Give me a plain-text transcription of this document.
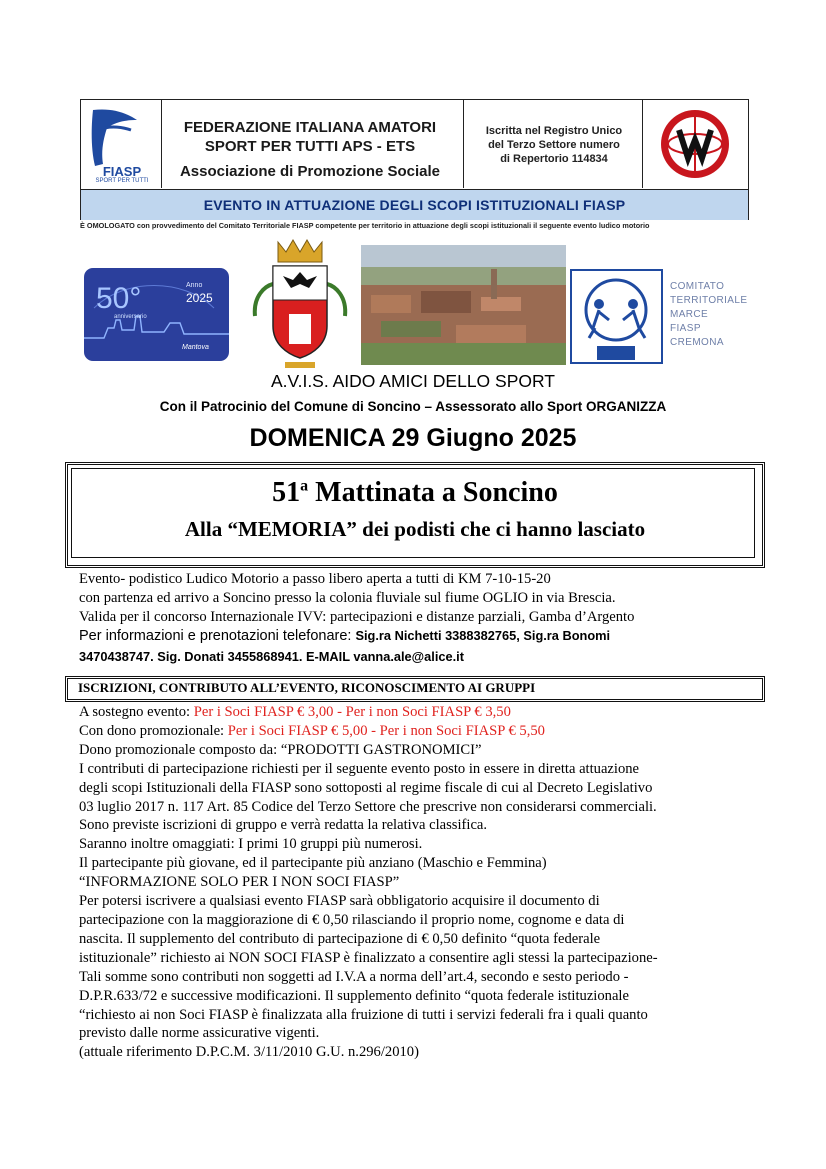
FIASP
SPORT PER TUTTI
FEDERAZIONE ITALIANA AMATORI
SPORT PER TUTTI APS - ETS
Associazione di Promozione Sociale
Iscritta nel Registro Unico
del Terzo Settore numero
di Repertorio 114834
EVENTO IN ATTUAZIONE DEGLI SCOPI ISTITUZIONALI FIASP
È OMOLOGATO con provvedimento del Comitato Territoriale FIASP competente per territorio in attuazione degli scopi istituzionali il seguente evento ludico motorio
50°
anniversario
Anno
2025
Mantova
COMITATO
TERRITORIALE
MARCE
FIASP
CREMONA
A.V.I.S. AIDO AMICI DELLO SPORT
Con il Patrocinio del Comune di Soncino – Assessorato allo Sport ORGANIZZA
DOMENICA 29 Giugno 2025
51$^a$ Mattinata a Soncino
Alla “MEMORIA” dei podisti che ci hanno lasciato
Evento- podistico Ludico Motorio a passo libero aperta a tutti di KM 7-10-15-20
con partenza ed arrivo a Soncino presso la colonia fluviale sul fiume OGLIO in via Brescia.
Valida per il concorso Internazionale IVV: partecipazioni e distanze parziali, Gamba d’Argento
Per informazioni e prenotazioni telefonare: Sig.ra Nichetti 3388382765, Sig.ra Bonomi
3470438747. Sig. Donati 3455868941. E-MAIL vanna.ale@alice.it
ISCRIZIONI, CONTRIBUTO ALL’EVENTO, RICONOSCIMENTO AI GRUPPI
A sostegno evento: Per i Soci FIASP € 3,00 - Per i non Soci FIASP € 3,50
Con dono promozionale: Per i Soci FIASP € 5,00 - Per i non Soci FIASP € 5,50
Dono promozionale composto da: “PRODOTTI GASTRONOMICI”
I contributi di partecipazione richiesti per il seguente evento posto in essere in diretta attuazione
degli scopi Istituzionali della FIASP sono sottoposti al regime fiscale di cui al Decreto Legislativo
03 luglio 2017 n. 117 Art. 85 Codice del Terzo Settore che prescrive non considerarsi commerciali.
Sono previste iscrizioni di gruppo e verrà redatta la relativa classifica.
Saranno inoltre omaggiati: I primi 10 gruppi più numerosi.
Il partecipante più giovane, ed il partecipante più anziano (Maschio e Femmina)
“INFORMAZIONE SOLO PER I NON SOCI FIASP”
Per potersi iscrivere a qualsiasi evento FIASP sarà obbligatorio acquisire il documento di
partecipazione con la maggiorazione di € 0,50 rilasciando il proprio nome, cognome e data di
nascita. Il supplemento del contributo di partecipazione di € 0,50 definito “quota federale
istituzionale” richiesto ai NON SOCI FIASP è finalizzato a consentire agli stessi la partecipazione-
Tali somme sono contributi non soggetti ad I.V.A a norma dell’art.4, secondo e sesto periodo -
D.P.R.633/72 e successive modificazioni. Il supplemento definito “quota federale istituzionale
“richiesto ai non Soci FIASP è finalizzata alla fruizione di tutti i servizi federali fra i quali quanto
previsto dalle norme assicurative vigenti.
(attuale riferimento D.P.C.M. 3/11/2010 G.U. n.296/2010)
